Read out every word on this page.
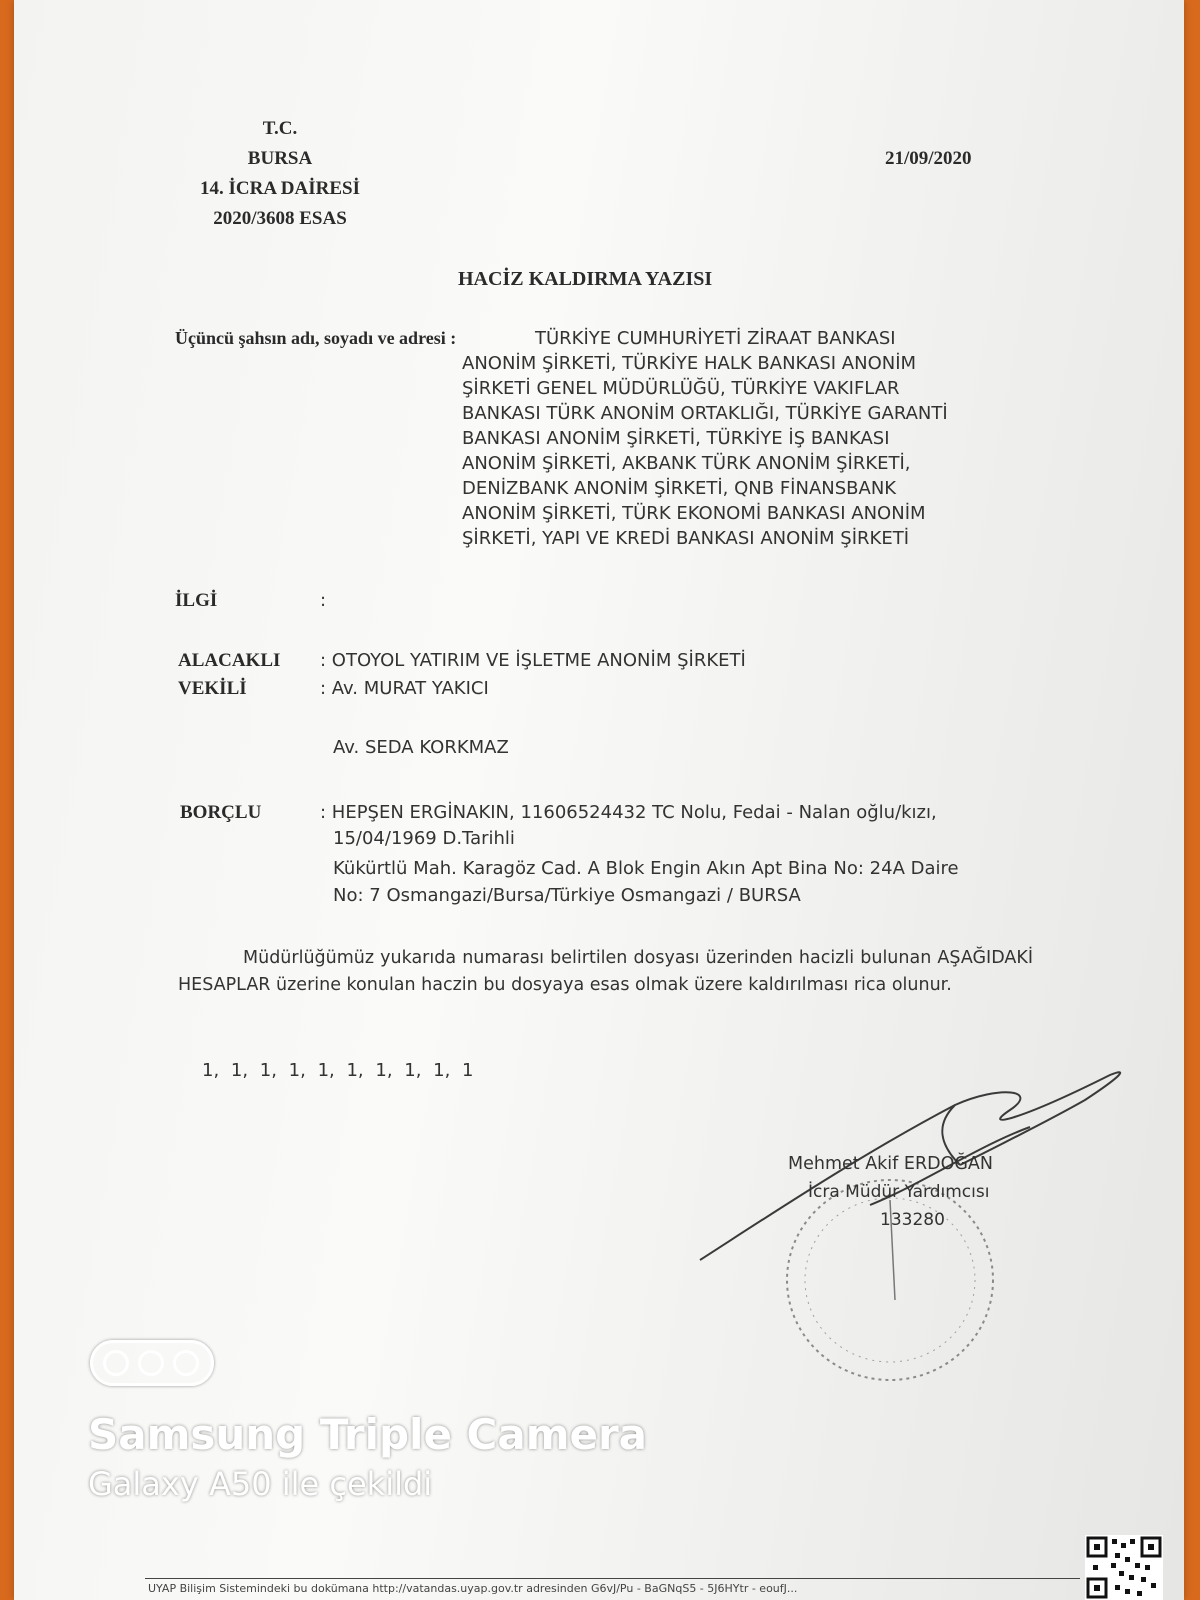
T.C.
BURSA
14. İCRA DAİRESİ
2020/3608 ESAS
21/09/2020
HACİZ KALDIRMA YAZISI
Üçüncü şahsın adı, soyadı ve adresi :	TÜRKİYE CUMHURİYETİ ZİRAAT BANKASI
ANONİM ŞİRKETİ, TÜRKİYE HALK BANKASI ANONİM
ŞİRKETİ GENEL MÜDÜRLÜĞÜ, TÜRKİYE VAKIFLAR
BANKASI TÜRK ANONİM ORTAKLIĞI, TÜRKİYE GARANTİ
BANKASI ANONİM ŞİRKETİ, TÜRKİYE İŞ BANKASI
ANONİM ŞİRKETİ, AKBANK TÜRK ANONİM ŞİRKETİ,
DENİZBANK ANONİM ŞİRKETİ, QNB FİNANSBANK
ANONİM ŞİRKETİ, TÜRK EKONOMİ BANKASI ANONİM
ŞİRKETİ, YAPI VE KREDİ BANKASI ANONİM ŞİRKETİ
İLGİ	:
ALACAKLI : OTOYOL YATIRIM VE İŞLETME ANONİM ŞİRKETİ
VEKİLİ	: Av. MURAT YAKICI
Av. SEDA KORKMAZ
BORÇLU	: HEPŞEN ERGİNAKIN, 11606524432 TC Nolu, Fedai - Nalan oğlu/kızı,
15/04/1969 D.Tarihli
Kükürtlü Mah. Karagöz Cad. A Blok Engin Akın Apt Bina No: 24A Daire
No: 7 Osmangazi/Bursa/Türkiye Osmangazi / BURSA
Müdürlüğümüz yukarıda numarası belirtilen dosyası üzerinden hacizli bulunan AŞAĞIDAKİ HESAPLAR üzerine konulan haczin bu dosyaya esas olmak üzere kaldırılması rica olunur.
1, 1, 1, 1, 1, 1, 1, 1, 1, 1
Mehmet Akif ERDOĞAN
İcra Müdür Yardımcısı
133280
Samsung Triple Camera
Galaxy A50 ile çekildi
UYAP Bilişim Sistemindeki bu dokümana http://vatandas.uyap.gov.tr adresinden G6vJ/Pu - BaGNqS5 - 5J6HYtr - eoufJ...
